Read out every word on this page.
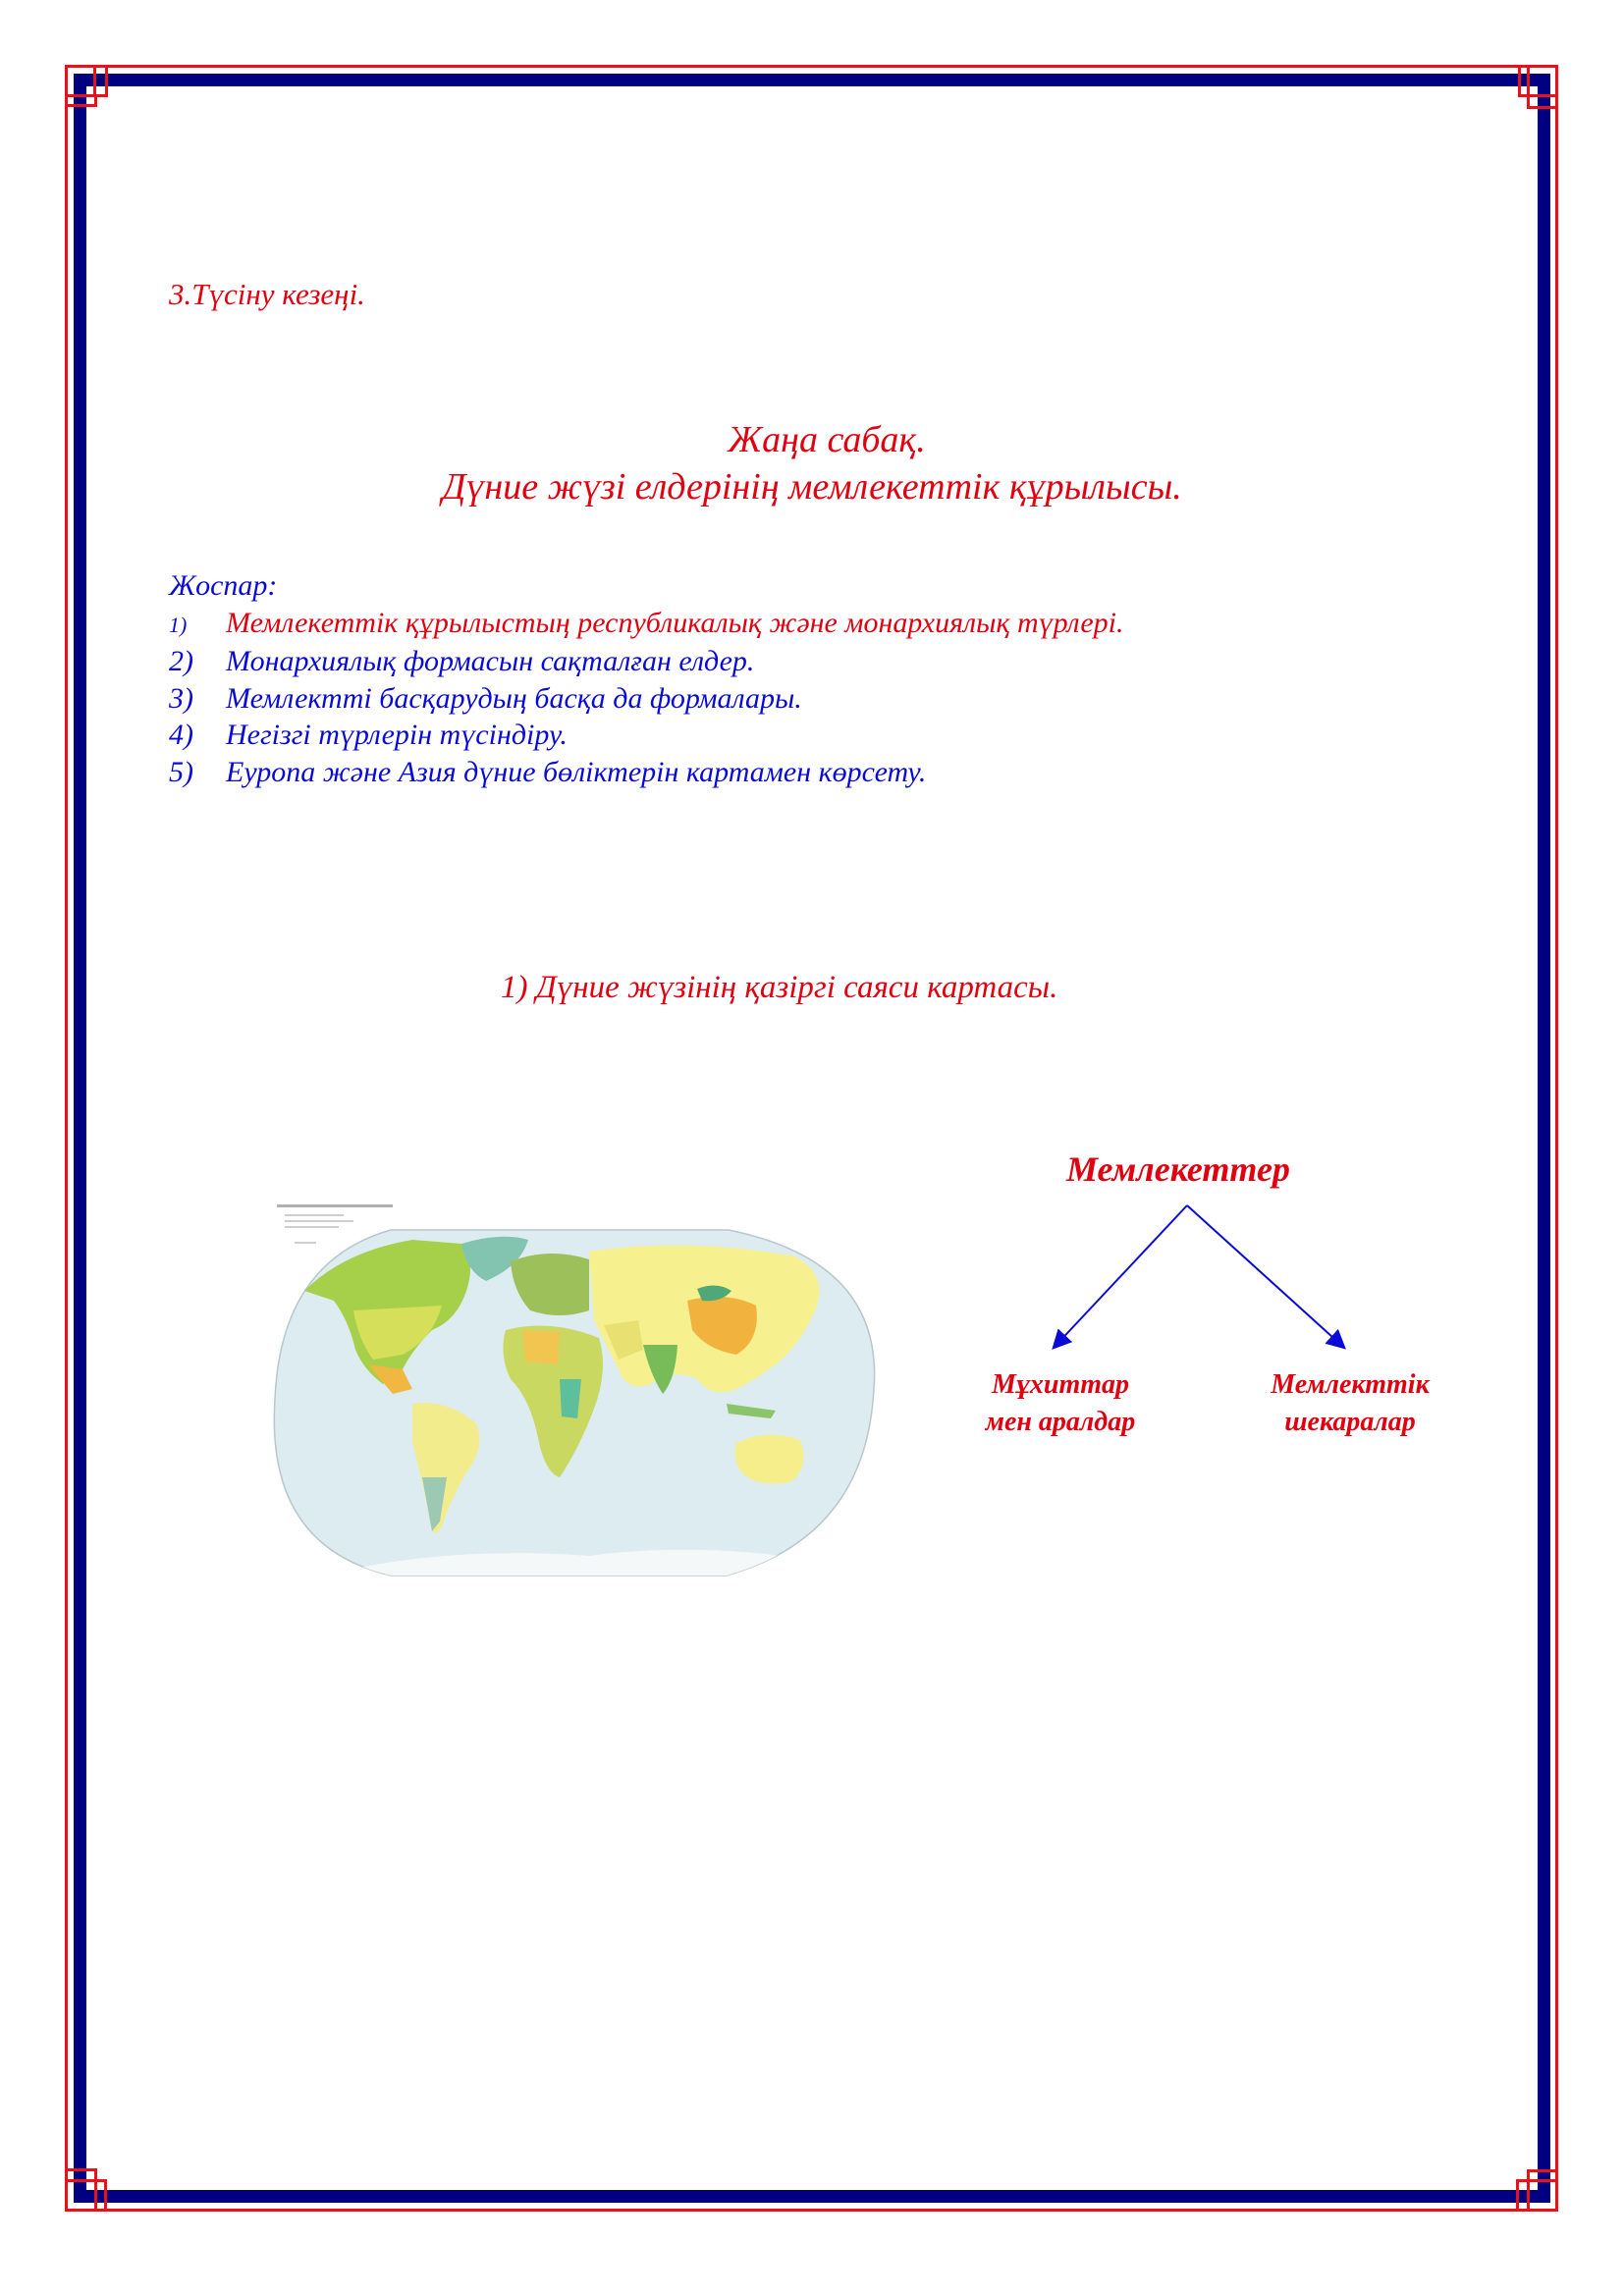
3.Түсіну кезеңі.
Жаңа сабақ.
Дүние жүзі елдерінің мемлекеттік құрылысы.
Жоспар:
1) Мемлекеттік құрылыстың республикалық және монархиялық түрлері.
2) Монархиялық формасын сақталған елдер.
3) Мемлектті басқарудың басқа да формалары.
4) Негізгі түрлерін түсіндіру.
5) Еуропа және Азия дүние бөліктерін картамен көрсету.
1) Дүние жүзінің қазіргі саяси картасы.
Мемлекеттер
Мұхиттар
мен аралдар
Мемлекттік
шекаралар
